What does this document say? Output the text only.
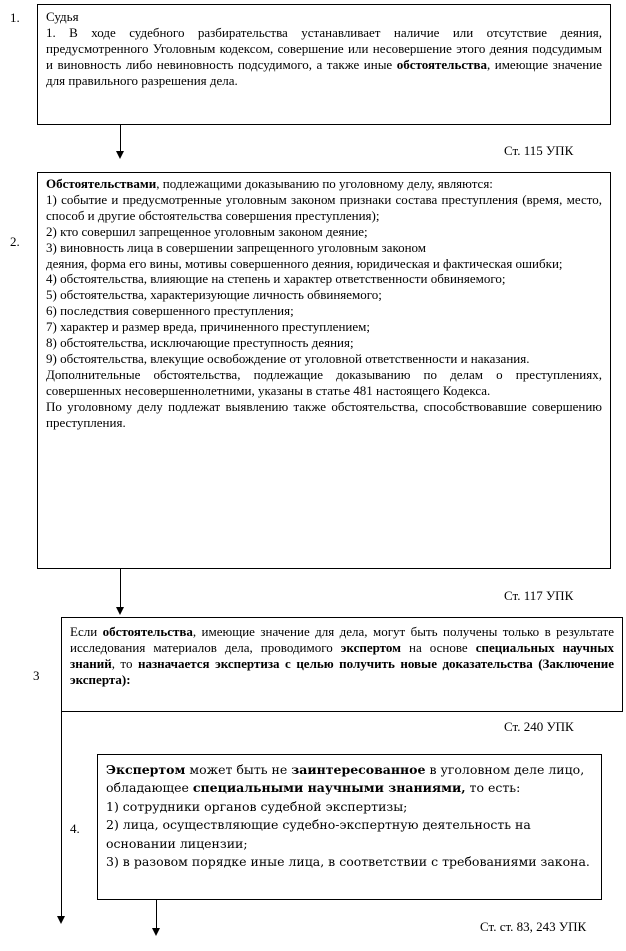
1.
2.
3
4.

Судья

1. В ходе судебного разбирательства устанавливает наличие или отсутствие деяния, предусмотренного Уголовным кодексом, совершение или несовершение этого деяния подсудимым и виновность либо невиновность подсудимого, а также иные обстоятельства, имеющие значение для правильного разрешения дела.

Ст. 115 УПК

Обстоятельствами, подлежащими доказыванию по уголовному делу, являются:

1) событие и предусмотренные уголовным законом признаки состава преступления (время, место, способ и другие обстоятельства совершения преступления);

2) кто совершил запрещенное уголовным законом деяние;

3) виновность лица в совершении запрещенного уголовным законом

деяния, форма его вины, мотивы совершенного деяния, юридическая и фактическая ошибки;

4) обстоятельства, влияющие на степень и характер ответственности обвиняемого;

5) обстоятельства, характеризующие личность обвиняемого;

6) последствия совершенного преступления;

7) характер и размер вреда, причиненного преступлением;

8) обстоятельства, исключающие преступность деяния;

9) обстоятельства, влекущие освобождение от уголовной ответственности и наказания.

Дополнительные обстоятельства, подлежащие доказыванию по делам о преступлениях, совершенных несовершеннолетними, указаны в статье 481 настоящего Кодекса.

По уголовному делу подлежат выявлению также обстоятельства, способствовавшие совершению преступления.

Ст. 117 УПК

Если обстоятельства, имеющие значение для дела, могут быть получены только в результате исследования материалов дела, проводимого экспертом на основе специальных научных знаний, то назначается экспертиза с целью получить новые доказательства (Заключение эксперта):

Ст. 240 УПК

Экспертом может быть не заинтересованное в уголовном деле лицо, обладающее специальными научными знаниями, то есть:

1) сотрудники органов судебной экспертизы;

2) лица, осуществляющие судебно-экспертную деятельность на основании лицензии;

3) в разовом порядке иные лица, в соответствии с требованиями закона.

Ст. ст. 83, 243 УПК
